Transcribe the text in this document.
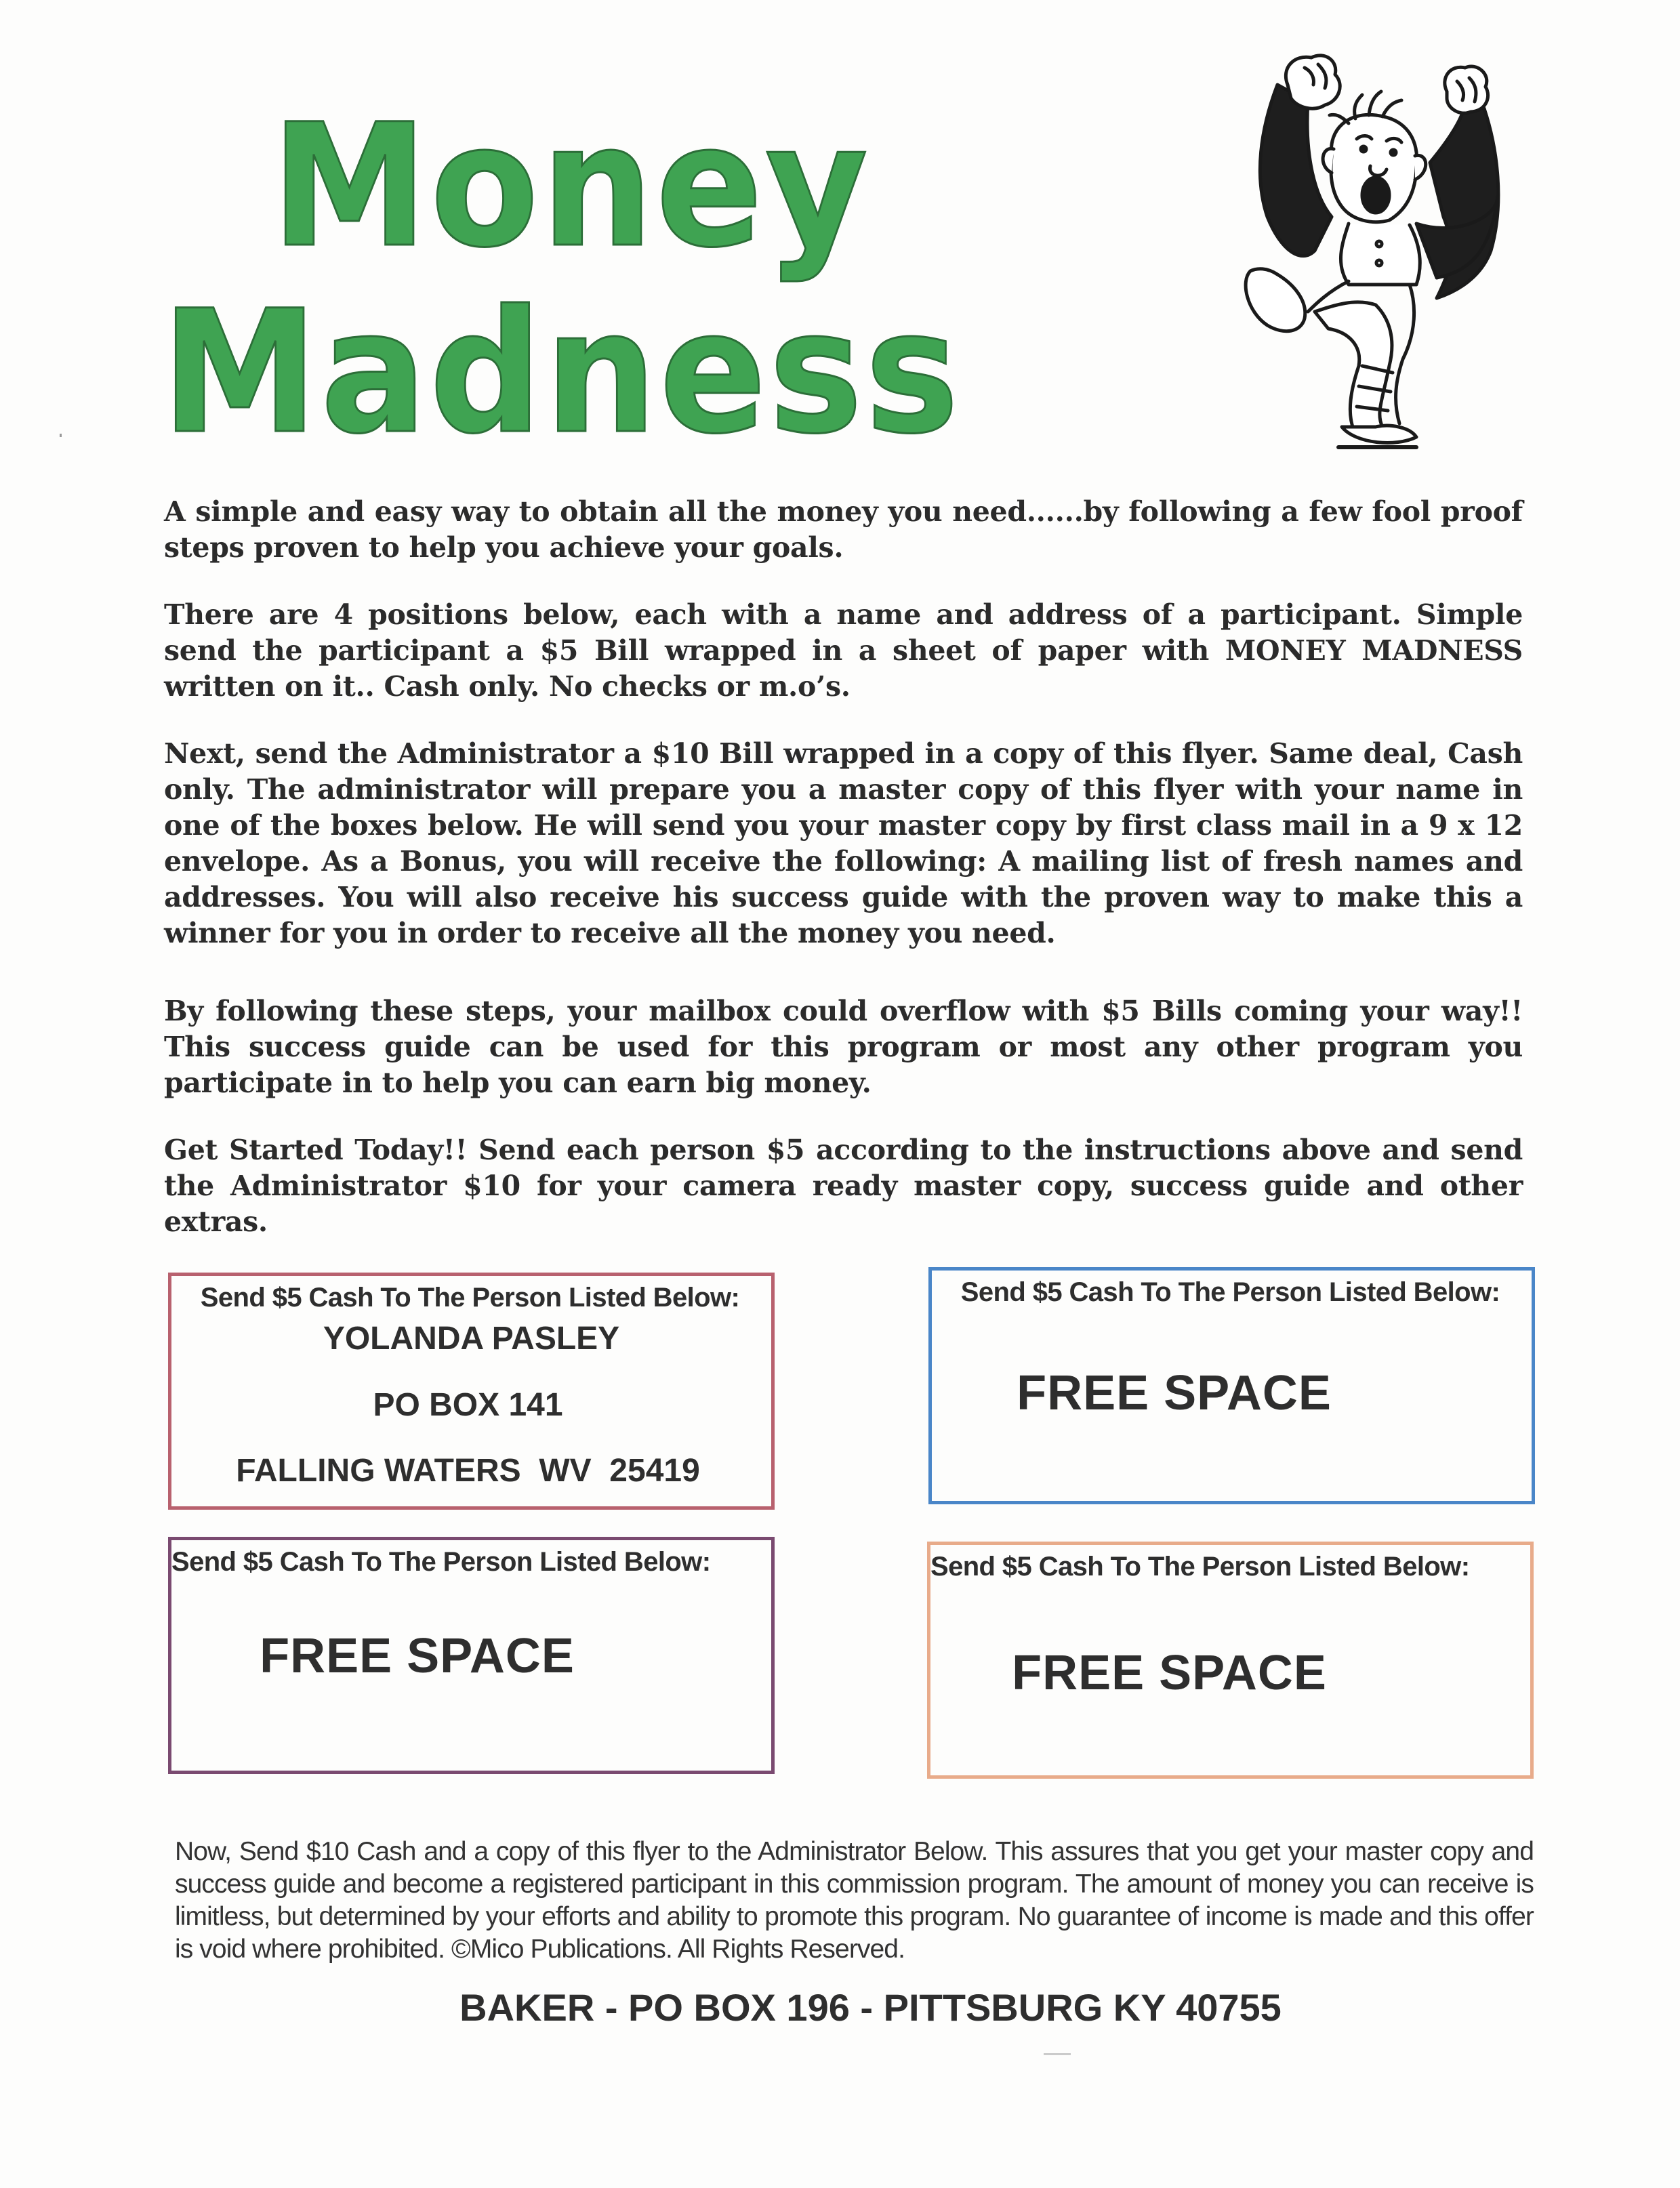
Money
Madness

A simple and easy way to obtain all the money you need......by following a few fool proof steps proven to help you achieve your goals.

There are 4 positions below, each with a name and address of a participant. Simple send the participant a $5 Bill wrapped in a sheet of paper with MONEY MADNESS written on it.. Cash only. No checks or m.o’s.

Next, send the Administrator a $10 Bill wrapped in a copy of this flyer. Same deal, Cash only. The administrator will prepare you a master copy of this flyer with your name in one of the boxes below. He will send you your master copy by first class mail in a 9 x 12 envelope. As a Bonus, you will receive the following: A mailing list of fresh names and addresses. You will also receive his success guide with the proven way to make this a winner for you in order to receive all the money you need.

By following these steps, your mailbox could overflow with $5 Bills coming your way!! This success guide can be used for this program or most any other program you participate in to help you can earn big money.

Get Started Today!! Send each person $5 according to the instructions above and send the Administrator $10 for your camera ready master copy, success guide and other extras.

Send $5 Cash To The Person Listed Below:
YOLANDA PASLEY
PO BOX 141
FALLING WATERS  WV  25419
Send $5 Cash To The Person Listed Below:
FREE SPACE
Send $5 Cash To The Person Listed Below:
FREE SPACE
Send $5 Cash To The Person Listed Below:
FREE SPACE

Now, Send $10 Cash and a copy of this flyer to the Administrator Below. This assures that you get your master copy and success guide and become a registered participant in this commission program. The amount of money you can receive is limitless, but determined by your efforts and ability to promote this program. No guarantee of income is made and this offer is void where prohibited. ©Mico Publications. All Rights Reserved.

BAKER - PO BOX 196 - PITTSBURG KY 40755
